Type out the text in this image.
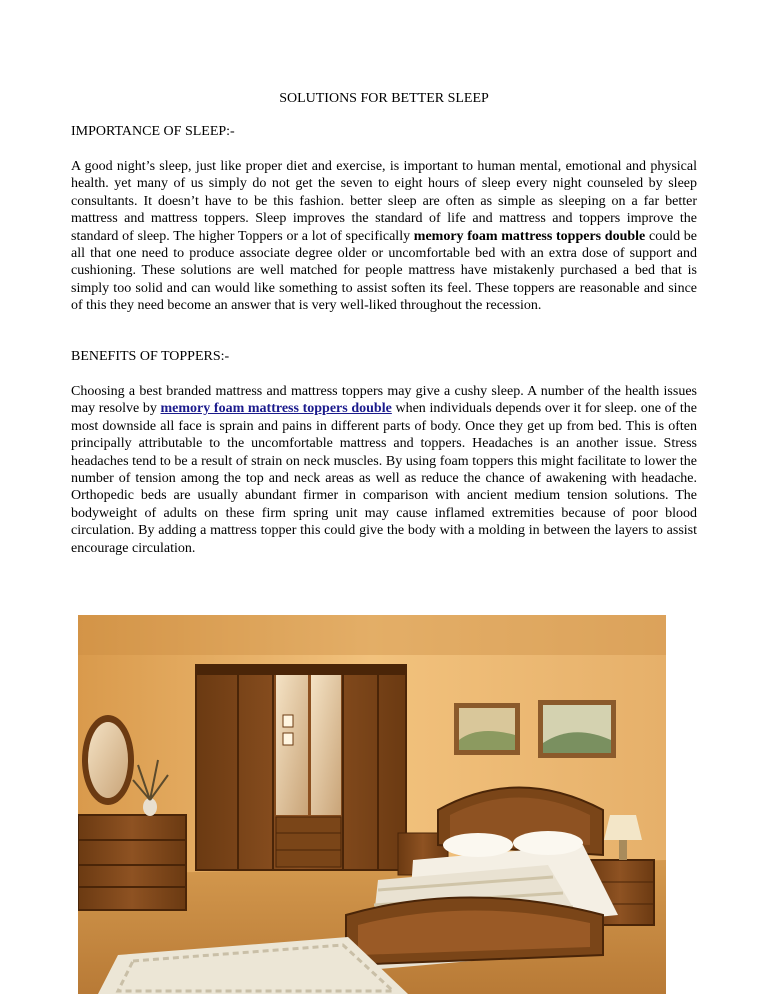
SOLUTIONS FOR BETTER SLEEP
IMPORTANCE OF SLEEP:-
A good night’s sleep, just like proper diet and exercise, is important to human mental, emotional and physical health. yet many of us simply do not get the seven to eight hours of sleep every night counseled by sleep consultants. It doesn’t have to be this fashion. better sleep are often as simple as sleeping on a far better mattress and mattress toppers. Sleep improves the standard of life and mattress and toppers improve the standard of sleep. The higher Toppers or a lot of specifically memory foam mattress toppers double could be all that one need to produce associate degree older or uncomfortable bed with an extra dose of support and cushioning. These solutions are well matched for people mattress have mistakenly purchased a bed that is simply too solid and can would like something to assist soften its feel. These toppers are reasonable and since of this they need become an answer that is very well-liked throughout the recession.
BENEFITS OF TOPPERS:-
Choosing a best branded mattress and mattress toppers may give a cushy sleep. A number of the health issues may resolve by memory foam mattress toppers double when individuals depends over it for sleep. one of the most downside all face is sprain and pains in different parts of body. Once they get up from bed. This is often principally attributable to the uncomfortable mattress and toppers. Headaches is an another issue. Stress headaches tend to be a result of strain on neck muscles. By using foam toppers this might facilitate to lower the number of tension among the top and neck areas as well as reduce the chance of awakening with headache. Orthopedic beds are usually abundant firmer in comparison with ancient medium tension solutions. The bodyweight of adults on these firm spring unit may cause inflamed extremities because of poor blood circulation. By adding a mattress topper this could give the body with a molding in between the layers to assist encourage circulation.
